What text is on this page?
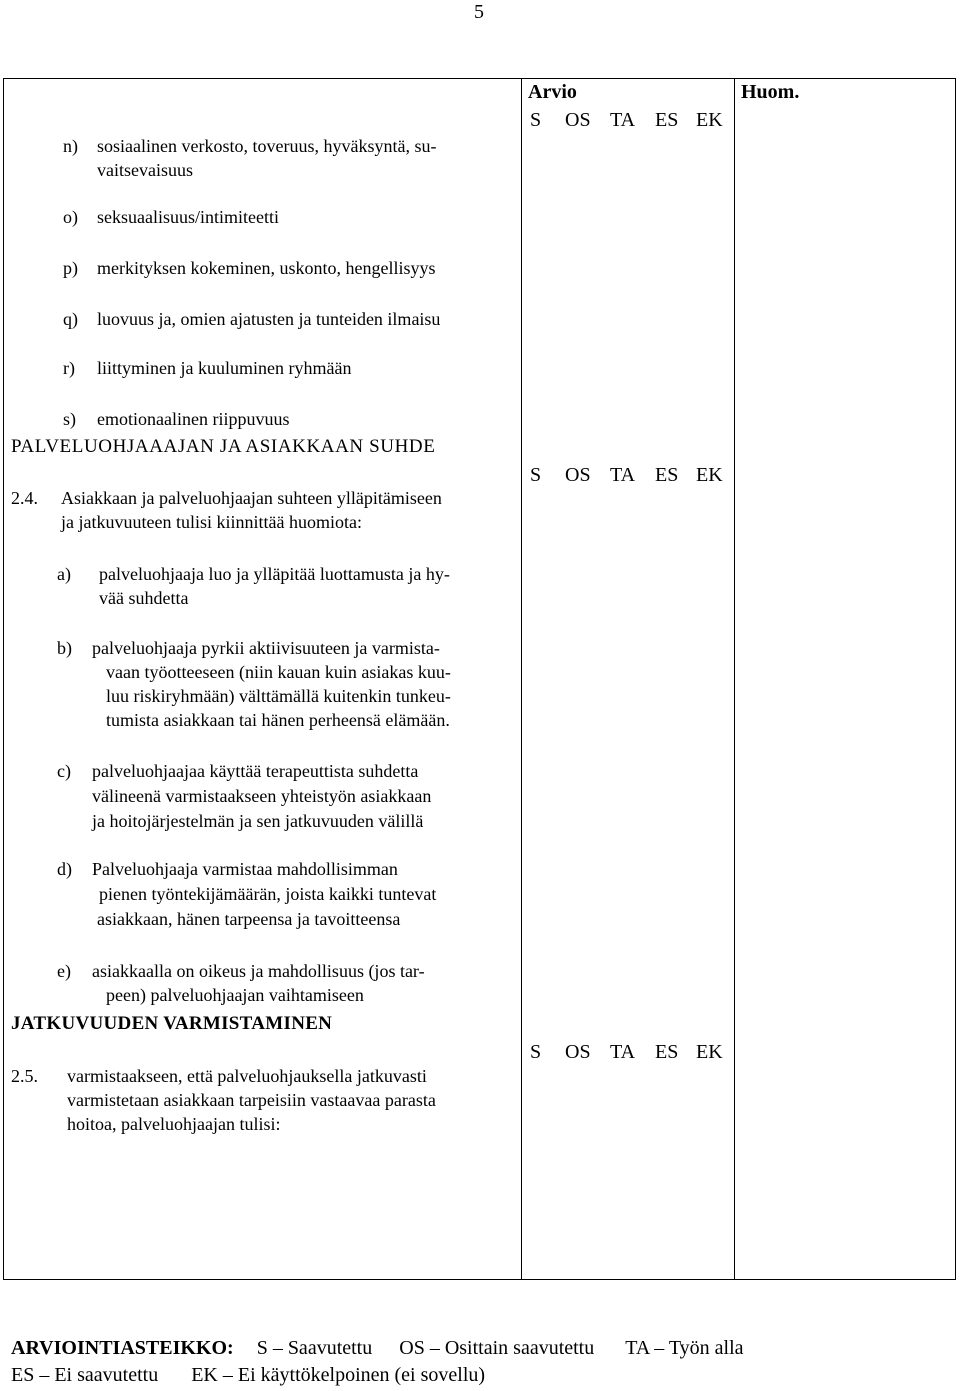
5
Arvio	Huom.
S OS TA ES EK
S OS TA ES EK
S OS TA ES EK
n) sosiaalinen verkosto, toveruus, hyväksyntä, su-
vaitsevaisuus
o) seksuaalisuus/intimiteetti
p) merkityksen kokeminen, uskonto, hengellisyys
q) luovuus ja, omien ajatusten ja tunteiden ilmaisu
r) liittyminen ja kuuluminen ryhmään
s) emotionaalinen riippuvuus
PALVELUOHJAAAJAN JA ASIAKKAAN SUHDE
2.4. Asiakkaan ja palveluohjaajan suhteen ylläpitämiseen
ja jatkuvuuteen tulisi kiinnittää huomiota:
a) palveluohjaaja luo ja ylläpitää luottamusta ja hy-
vää suhdetta
b) palveluohjaaja pyrkii aktiivisuuteen ja varmista-
vaan työotteeseen (niin kauan kuin asiakas kuu-
luu riskiryhmään) välttämällä kuitenkin tunkeu-
tumista asiakkaan tai hänen perheensä elämään.
c) palveluohjaajaa käyttää terapeuttista suhdetta
välineenä varmistaakseen yhteistyön asiakkaan
ja hoitojärjestelmän ja sen jatkuvuuden välillä
d) Palveluohjaaja varmistaa mahdollisimman
pienen työntekijämäärän, joista kaikki tuntevat
asiakkaan, hänen tarpeensa ja tavoitteensa
e) asiakkaalla on oikeus ja mahdollisuus (jos tar-
peen) palveluohjaajan vaihtamiseen
JATKUVUUDEN VARMISTAMINEN
2.5. varmistaakseen, että palveluohjauksella jatkuvasti
varmistetaan asiakkaan tarpeisiin vastaavaa parasta
hoitoa, palveluohjaajan tulisi:
ARVIOINTIASTEIKKO: S – Saavutettu OS – Osittain saavutettu TA – Työn alla
ES – Ei saavutettu EK – Ei käyttökelpoinen (ei sovellu)
